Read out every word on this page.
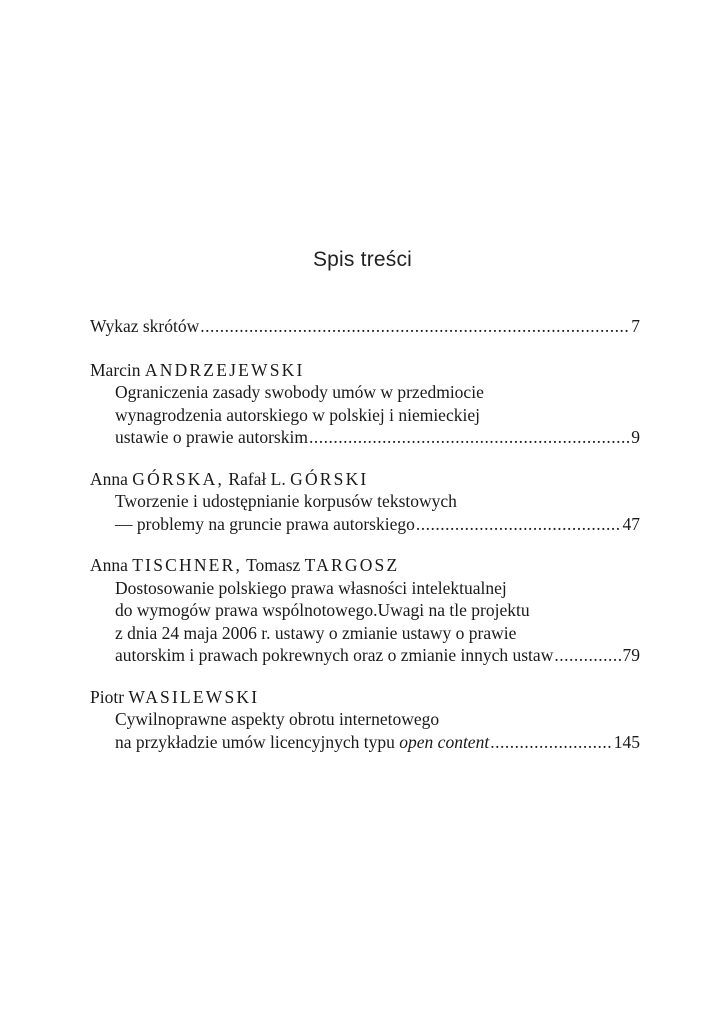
Spis treści
Wykaz skrótów .....	7
Marcin ANDRZEJEWSKI
Ograniczenia zasady swobody umów w przedmiocie
wynagrodzenia autorskiego w polskiej i niemieckiej
ustawie o prawie autorskim .....	9
Anna GÓRSKA, Rafał L. GÓRSKI
Tworzenie i udostępnianie korpusów tekstowych
— problemy na gruncie prawa autorskiego .....	47
Anna TISCHNER, Tomasz TARGOSZ
Dostosowanie polskiego prawa własności intelektualnej
do wymogów prawa wspólnotowego.Uwagi na tle projektu
z dnia 24 maja 2006 r. ustawy o zmianie ustawy o prawie
autorskim i prawach pokrewnych oraz o zmianie innych ustaw .....	79
Piotr WASILEWSKI
Cywilnoprawne aspekty obrotu internetowego
na przykładzie umów licencyjnych typu open content .....	145
